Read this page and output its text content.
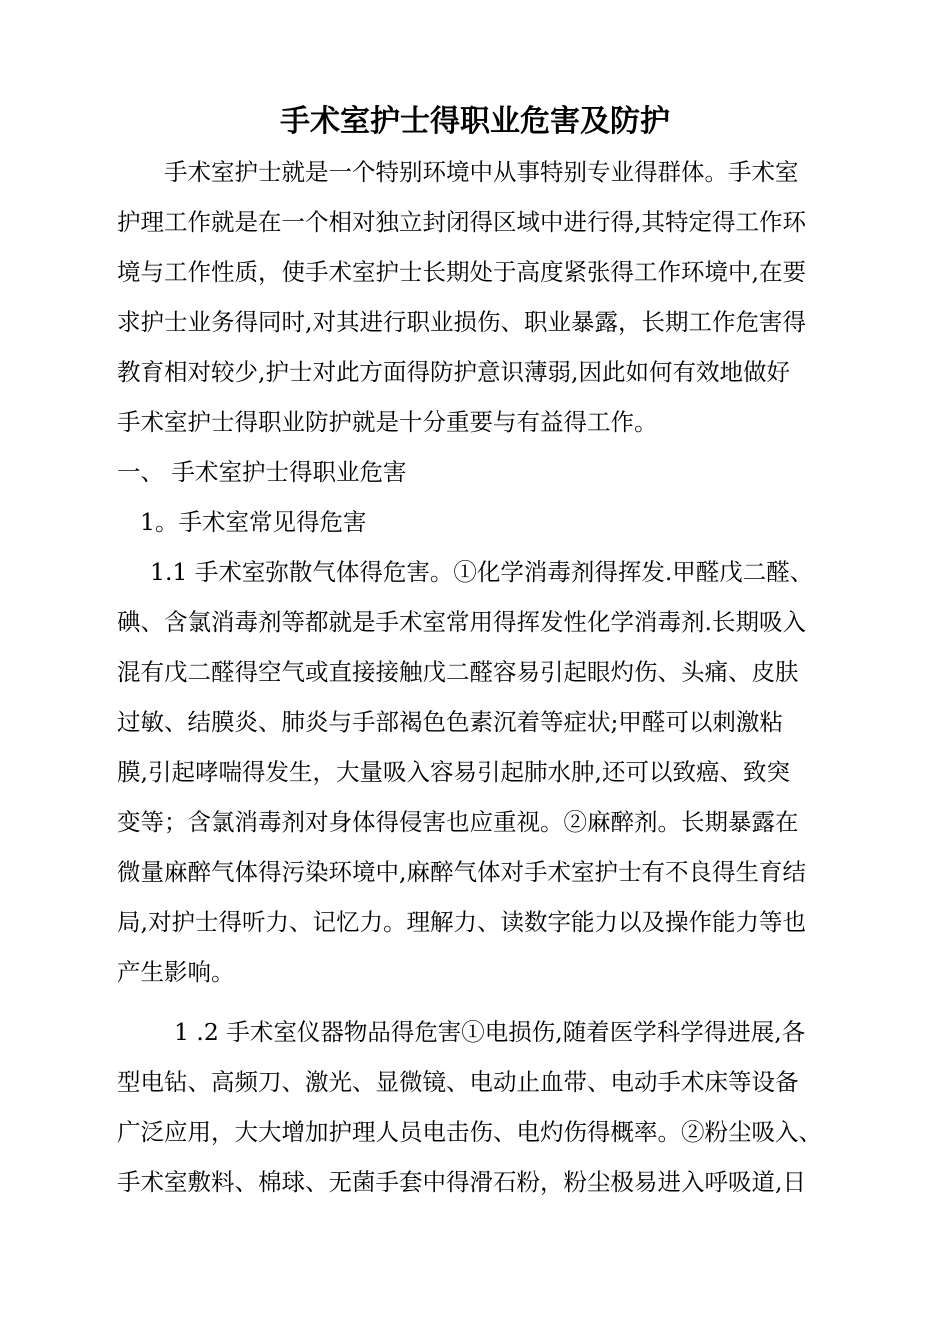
手术室护士得职业危害及防护

手术室护士就是一个特别环境中从事特别专业得群体。手术室

护理工作就是在一个相对独立封闭得区域中进行得,其特定得工作环

境与工作性质，使手术室护士长期处于高度紧张得工作环境中,在要

求护士业务得同时,对其进行职业损伤、职业暴露，长期工作危害得

教育相对较少,护士对此方面得防护意识薄弱,因此如何有效地做好

手术室护士得职业防护就是十分重要与有益得工作。

一、 手术室护士得职业危害

1。手术室常见得危害

1.1 手术室弥散气体得危害。①化学消毒剂得挥发.甲醛戊二醛、

碘、含氯消毒剂等都就是手术室常用得挥发性化学消毒剂.长期吸入

混有戊二醛得空气或直接接触戊二醛容易引起眼灼伤、头痛、皮肤

过敏、结膜炎、肺炎与手部褐色色素沉着等症状;甲醛可以刺激粘

膜,引起哮喘得发生，大量吸入容易引起肺水肿,还可以致癌、致突

变等；含氯消毒剂对身体得侵害也应重视。②麻醉剂。长期暴露在

微量麻醉气体得污染环境中,麻醉气体对手术室护士有不良得生育结

局,对护士得听力、记忆力。理解力、读数字能力以及操作能力等也

产生影响。

1 .2 手术室仪器物品得危害①电损伤,随着医学科学得进展,各

型电钻、高频刀、激光、显微镜、电动止血带、电动手术床等设备

广泛应用，大大增加护理人员电击伤、电灼伤得概率。②粉尘吸入、

手术室敷料、棉球、无菌手套中得滑石粉，粉尘极易进入呼吸道,日
